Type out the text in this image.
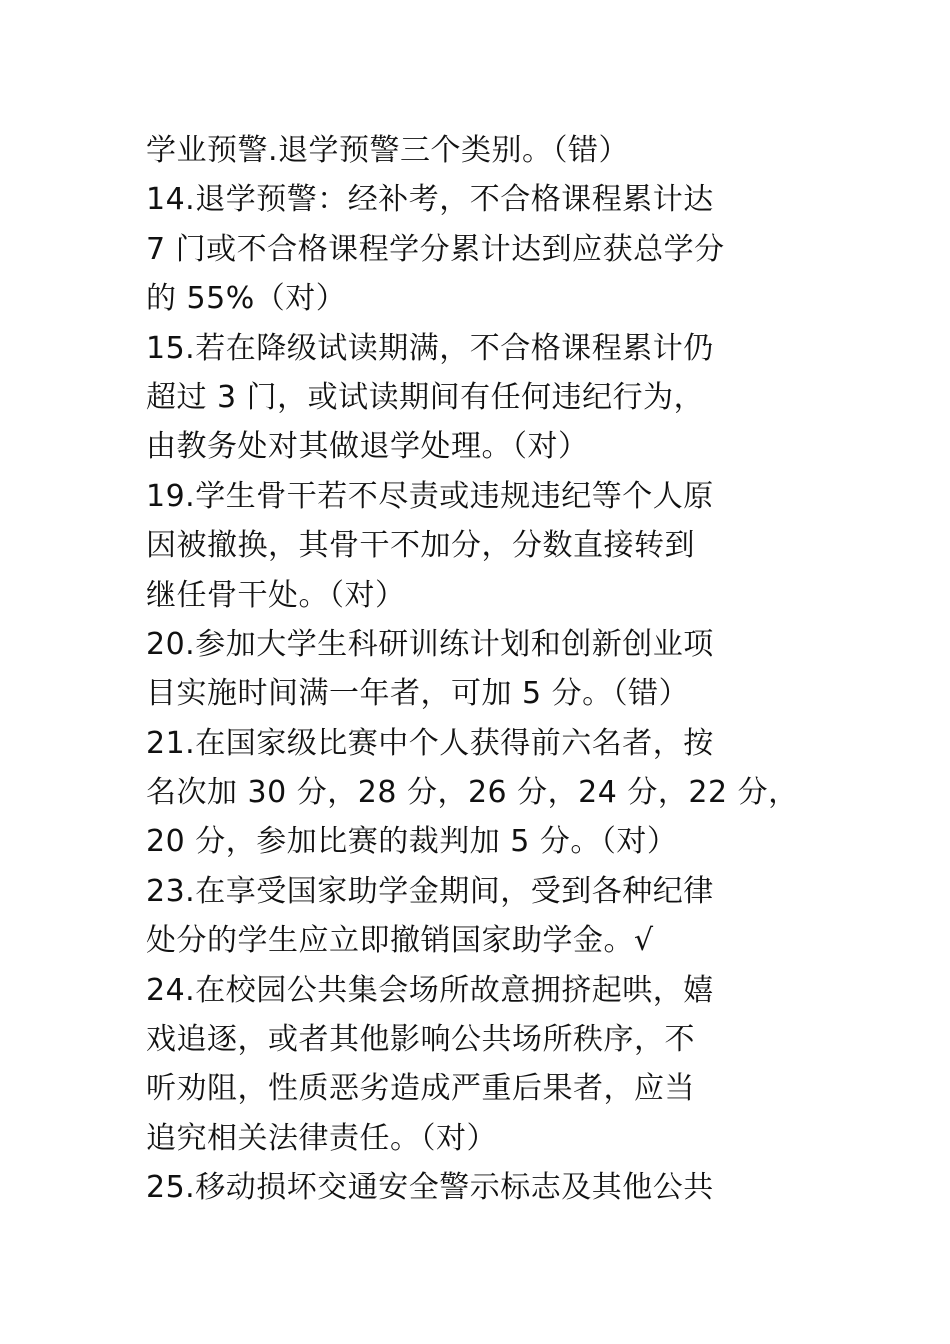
学业预警.退学预警三个类别。（错）
14.退学预警：经补考，不合格课程累计达
7 门或不合格课程学分累计达到应获总学分
的 55%（对）
15.若在降级试读期满，不合格课程累计仍
超过 3 门，或试读期间有任何违纪行为，
由教务处对其做退学处理。（对）
19.学生骨干若不尽责或违规违纪等个人原
因被撤换，其骨干不加分，分数直接转到
继任骨干处。（对）
20.参加大学生科研训练计划和创新创业项
目实施时间满一年者，可加 5 分。（错）
21.在国家级比赛中个人获得前六名者，按
名次加 30 分，28 分，26 分，24 分，22 分，
20 分，参加比赛的裁判加 5 分。（对）
23.在享受国家助学金期间，受到各种纪律
处分的学生应立即撤销国家助学金。√
24.在校园公共集会场所故意拥挤起哄，嬉
戏追逐，或者其他影响公共场所秩序，不
听劝阻，性质恶劣造成严重后果者，应当
追究相关法律责任。（对）
25.移动损坏交通安全警示标志及其他公共
